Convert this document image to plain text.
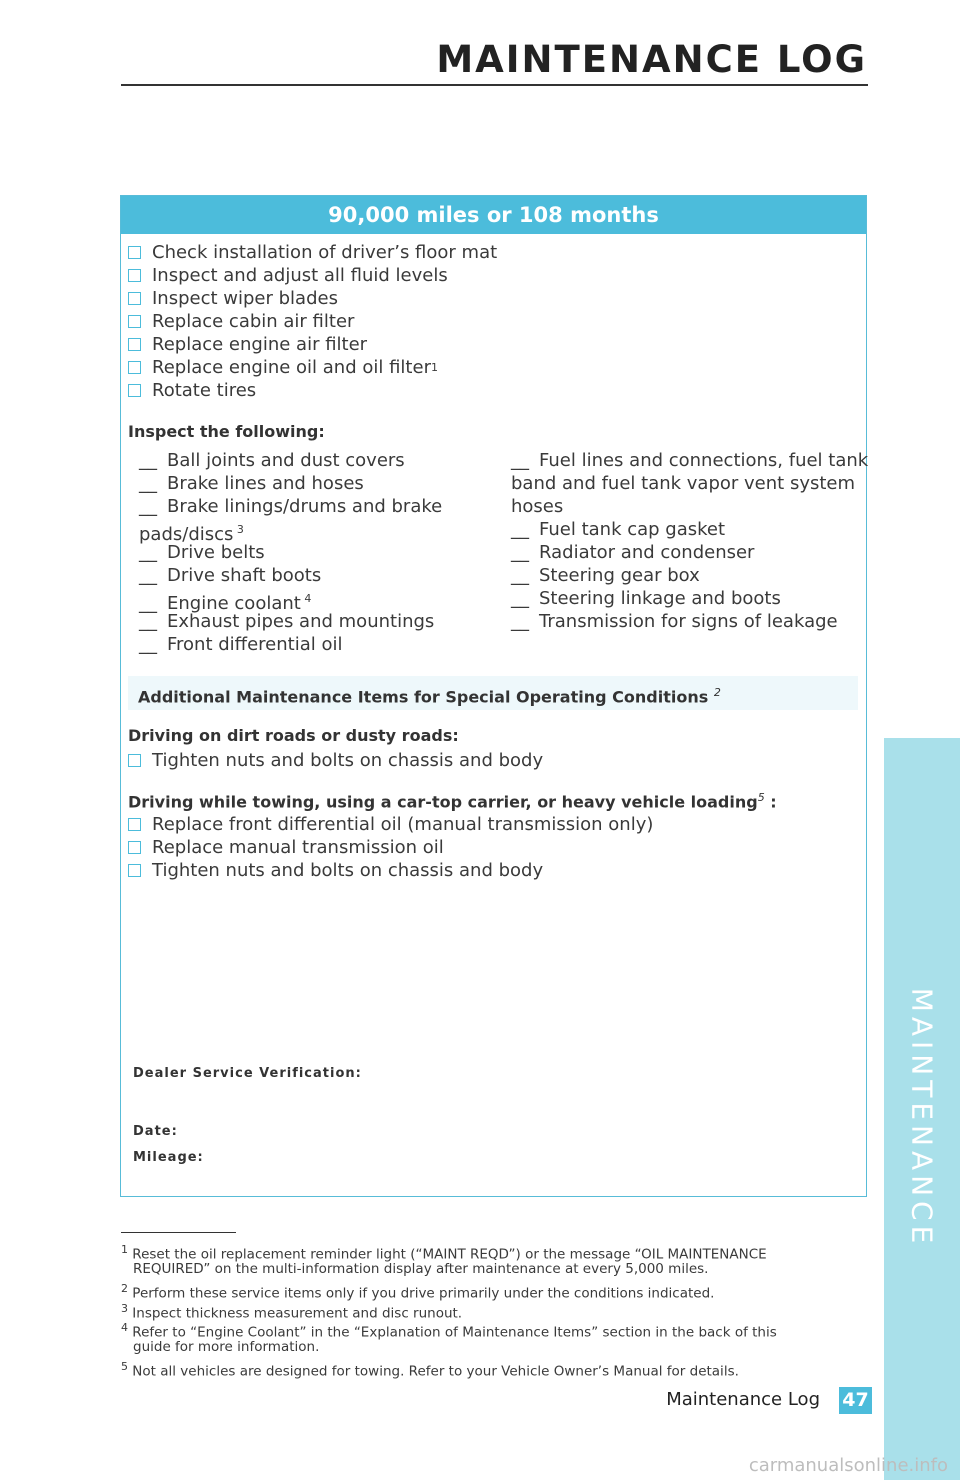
MAINTENANCE LOG
MAINTENANCE
90,000 miles or 108 months
Inspect the following:
Additional Maintenance Items for Special Operating Conditions $^2$
Driving on dirt roads or dusty roads:
Driving while towing, using a car-top carrier, or heavy vehicle loading$^5$ :
Dealer Service Verification:
Date:
Mileage:
Check installation of driver’s floor mat
Inspect and adjust all fluid levels
Inspect wiper blades
Replace cabin air filter
Replace engine air filter
Replace engine oil and oil filter 1
Rotate tires
Tighten nuts and bolts on chassis and body
Replace front differential oil (manual transmission only)
Replace manual transmission oil
Tighten nuts and bolts on chassis and body
__ Ball joints and dust covers
__ Brake lines and hoses
__ Brake linings/drums and brake
pads/discs $^3$
__ Drive belts
__ Drive shaft boots
__ Engine coolant $^4$
__ Exhaust pipes and mountings
__ Front differential oil
__ Fuel lines and connections, fuel tank
band and fuel tank vapor vent system
hoses
__ Fuel tank cap gasket
__ Radiator and condenser
__ Steering gear box
__ Steering linkage and boots
__ Transmission for signs of leakage
$^1$ Reset the oil replacement reminder light (“MAINT REQD”) or the message “OIL MAINTENANCE
REQUIRED” on the multi-information display after maintenance at every 5,000 miles.
$^2$ Perform these service items only if you drive primarily under the conditions indicated.
$^3$ Inspect thickness measurement and disc runout.
$^4$ Refer to “Engine Coolant” in the “Explanation of Maintenance Items” section in the back of this
guide for more information.
$^5$ Not all vehicles are designed for towing. Refer to your Vehicle Owner’s Manual for details.
Maintenance Log 47
carmanualsonline.info
